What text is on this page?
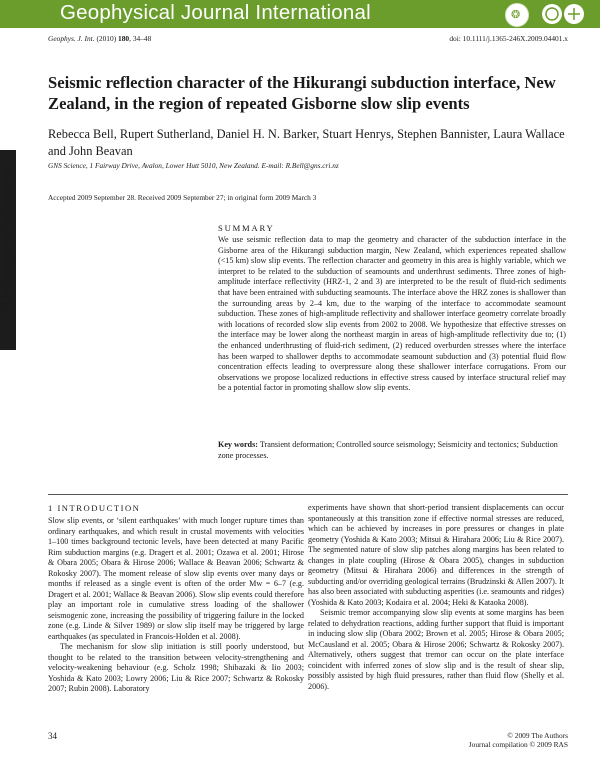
Geophysical Journal International	❂
Geophys. J. Int. (2010) 180, 34–48	doi: 10.1111/j.1365-246X.2009.04401.x
GJI Geodynamic and tectonics
Seismic reflection character of the Hikurangi subduction interface, New Zealand, in the region of repeated Gisborne slow slip events
Rebecca Bell, Rupert Sutherland, Daniel H. N. Barker, Stuart Henrys, Stephen Bannister, Laura Wallace and John Beavan
GNS Science, 1 Fairway Drive, Avalon, Lower Hutt 5010, New Zealand. E-mail: R.Bell@gns.cri.nz
Accepted 2009 September 28. Received 2009 September 27; in original form 2009 March 3
SUMMARY
We use seismic reflection data to map the geometry and character of the subduction interface in the Gisborne area of the Hikurangi subduction margin, New Zealand, which experiences repeated shallow (<15 km) slow slip events. The reflection character and geometry in this area is highly variable, which we interpret to be related to the subduction of seamounts and underthrust sediments. Three zones of high-amplitude interface reflectivity (HRZ-1, 2 and 3) are interpreted to be the result of fluid-rich sediments that have been entrained with subducting seamounts. The interface above the HRZ zones is shallower than the surrounding areas by 2–4 km, due to the warping of the interface to accommodate seamount subduction. These zones of high-amplitude reflectivity and shallower interface geometry correlate broadly with locations of recorded slow slip events from 2002 to 2008. We hypothesize that effective stresses on the interface may be lower along the northeast margin in areas of high-amplitude reflectivity due to; (1) the enhanced underthrusting of fluid-rich sediment, (2) reduced overburden stresses where the interface has been warped to shallower depths to accommodate seamount subduction and (3) potential fluid flow concentration effects leading to overpressure along these shallower interface corrugations. From our observations we propose localized reductions in effective stress caused by interface structural relief may be a potential factor in promoting shallow slow slip events.
Key words: Transient deformation; Controlled source seismology; Seismicity and tectonics; Subduction zone processes.
1 INTRODUCTION

Slow slip events, or ‘silent earthquakes’ with much longer rupture times than ordinary earthquakes, and which result in crustal movements with velocities 1–100 times background tectonic levels, have been detected at many Pacific Rim subduction margins (e.g. Dragert et al. 2001; Ozawa et al. 2001; Hirose & Obara 2005; Obara & Hirose 2006; Wallace & Beavan 2006; Schwartz & Rokosky 2007). The moment release of slow slip events over many days or months if released as a single event is often of the order Mw = 6–7 (e.g. Dragert et al. 2001; Wallace & Beavan 2006). Slow slip events could therefore play an important role in cumulative stress loading of the shallower seismogenic zone, increasing the possibility of triggering failure in the locked zone (e.g. Linde & Silver 1989) or slow slip itself may be triggered by large earthquakes (as speculated in Francois-Holden et al. 2008).

The mechanism for slow slip initiation is still poorly understood, but thought to be related to the transition between velocity-strengthening and velocity-weakening behaviour (e.g. Scholz 1998; Shibazaki & Iio 2003; Yoshida & Kato 2003; Lowry 2006; Liu & Rice 2007; Schwartz & Rokosky 2007; Rubin 2008). Laboratory

experiments have shown that short-period transient displacements can occur spontaneously at this transition zone if effective normal stresses are reduced, which can be achieved by increases in pore pressures or changes in plate geometry (Yoshida & Kato 2003; Mitsui & Hirahara 2006; Liu & Rice 2007). The segmented nature of slow slip patches along margins has been related to changes in plate coupling (Hirose & Obara 2005), changes in subduction geometry (Mitsui & Hirahara 2006) and differences in the strength of subducting and/or overriding geological terrains (Brudzinski & Allen 2007). It has also been associated with subducting asperities (i.e. seamounts and ridges) (Yoshida & Kato 2003; Kodaira et al. 2004; Heki & Kataoka 2008).

Seismic tremor accompanying slow slip events at some margins has been related to dehydration reactions, adding further support that fluid is important in inducing slow slip (Obara 2002; Brown et al. 2005; Hirose & Obara 2005; McCausland et al. 2005; Obara & Hirose 2006; Schwartz & Rokosky 2007). Alternatively, others suggest that tremor can occur on the plate interface coincident with inferred zones of slow slip and is the result of shear slip, possibly assisted by high fluid pressures, rather than fluid flow (Shelly et al. 2006).

34	© 2009 The Authors
Journal compilation © 2009 RAS
